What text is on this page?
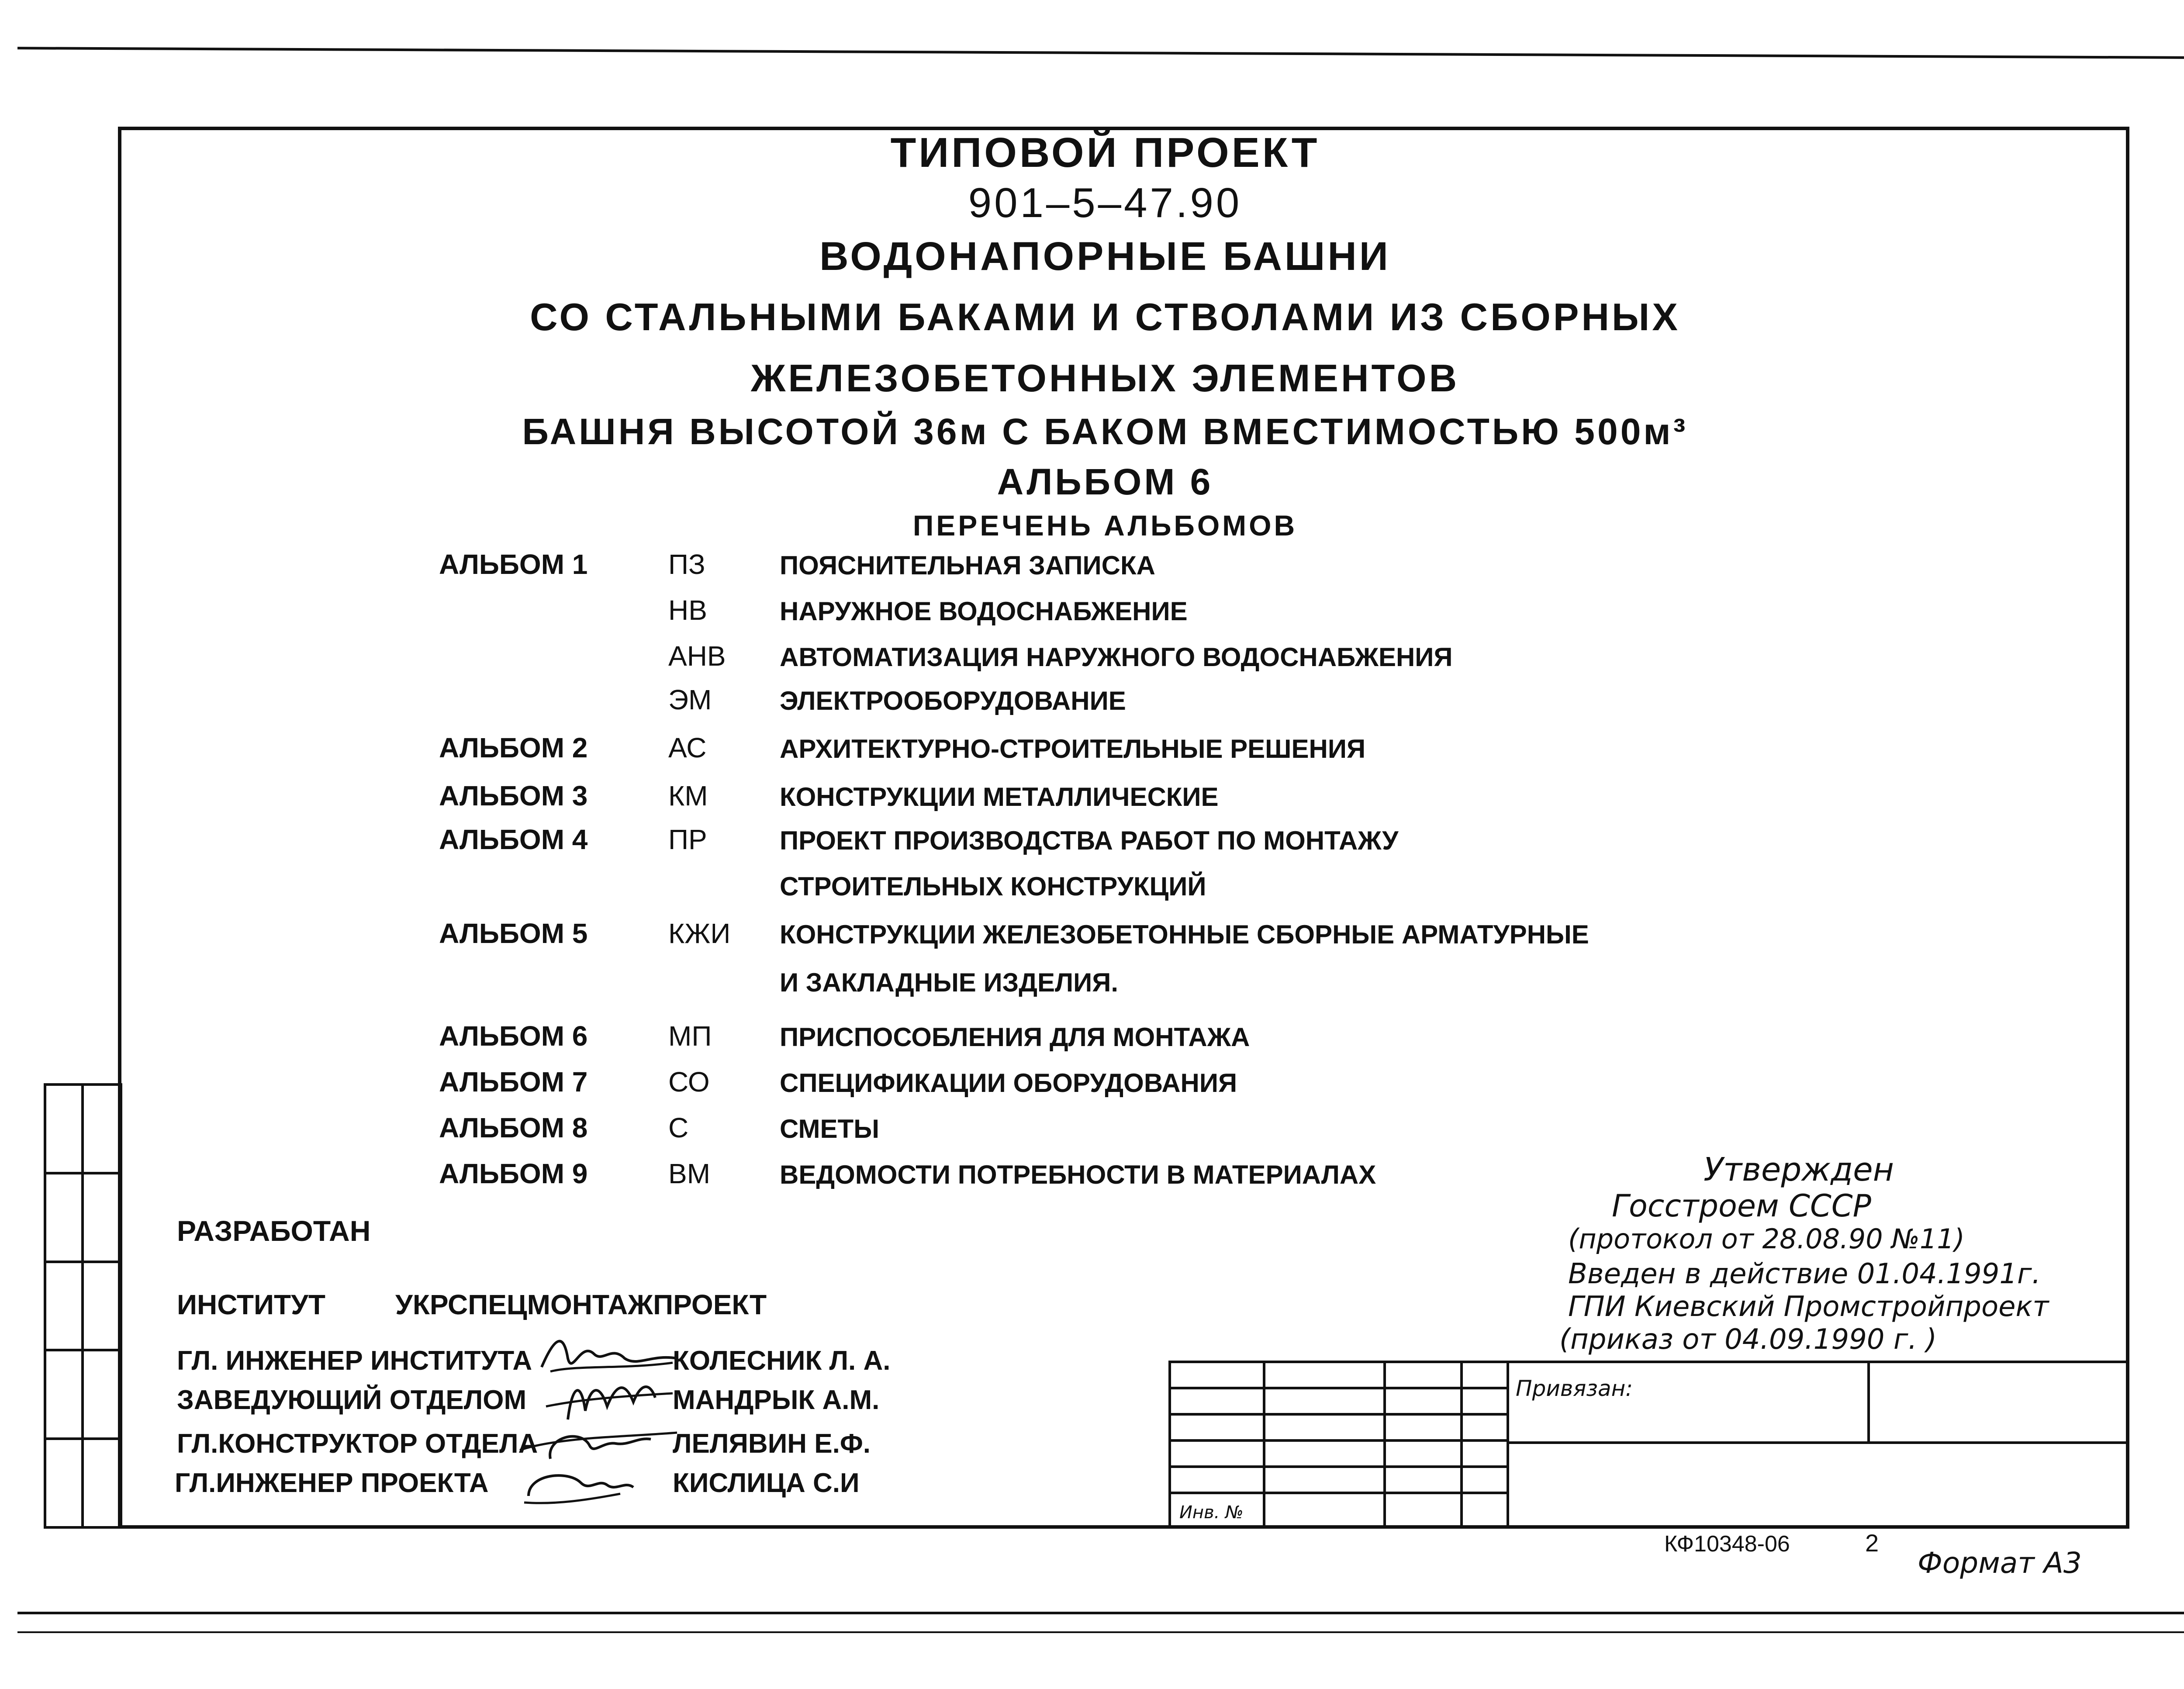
ТИПОВОЙ ПРОЕКТ
901–5–47.90
ВОДОНАПОРНЫЕ БАШНИ
СО СТАЛЬНЫМИ БАКАМИ И СТВОЛАМИ ИЗ СБОРНЫХ
ЖЕЛЕЗОБЕТОННЫХ ЭЛЕМЕНТОВ
БАШНЯ ВЫСОТОЙ 36м С БАКОМ ВМЕСТИМОСТЬЮ 500м³
АЛЬБОМ 6
ПЕРЕЧЕНЬ АЛЬБОМОВ
АЛЬБОМ 1	ПЗ	ПОЯСНИТЕЛЬНАЯ ЗАПИСКА
НВ	НАРУЖНОЕ ВОДОСНАБЖЕНИЕ
АНВ АВТОМАТИЗАЦИЯ НАРУЖНОГО ВОДОСНАБЖЕНИЯ
ЭМ	ЭЛЕКТРООБОРУДОВАНИЕ
АЛЬБОМ 2	АС	АРХИТЕКТУРНО-СТРОИТЕЛЬНЫЕ РЕШЕНИЯ
АЛЬБОМ 3	КМ	КОНСТРУКЦИИ МЕТАЛЛИЧЕСКИЕ
АЛЬБОМ 4	ПР	ПРОЕКТ ПРОИЗВОДСТВА РАБОТ ПО МОНТАЖУ
СТРОИТЕЛЬНЫХ КОНСТРУКЦИЙ
АЛЬБОМ 5	КЖИ КОНСТРУКЦИИ ЖЕЛЕЗОБЕТОННЫЕ СБОРНЫЕ АРМАТУРНЫЕ
И ЗАКЛАДНЫЕ ИЗДЕЛИЯ.
АЛЬБОМ 6	МП	ПРИСПОСОБЛЕНИЯ ДЛЯ МОНТАЖА
АЛЬБОМ 7	СО	СПЕЦИФИКАЦИИ ОБОРУДОВАНИЯ
АЛЬБОМ 8	С	СМЕТЫ
АЛЬБОМ 9	ВМ	ВЕДОМОСТИ ПОТРЕБНОСТИ В МАТЕРИАЛАХ
РАЗРАБОТАН
ИНСТИТУТ	УКРСПЕЦМОНТАЖПРОЕКТ
ГЛ. ИНЖЕНЕР ИНСТИТУТА	КОЛЕСНИК Л. А.
ЗАВЕДУЮЩИЙ ОТДЕЛОМ	МАНДРЫК А.М.
ГЛ.КОНСТРУКТОР ОТДЕЛА	ЛЕЛЯВИН Е.Ф.
ГЛ.ИНЖЕНЕР ПРОЕКТА	КИСЛИЦА С.И
Утвержден
Госстроем СССР
(протокол от 28.08.90 №11)
Введен в действие 01.04.1991г.
ГПИ Киевский Промстройпроект
(приказ от 04.09.1990 г. )

Инв. №
Привязан:
КФ10348-06	2
Формат А3
